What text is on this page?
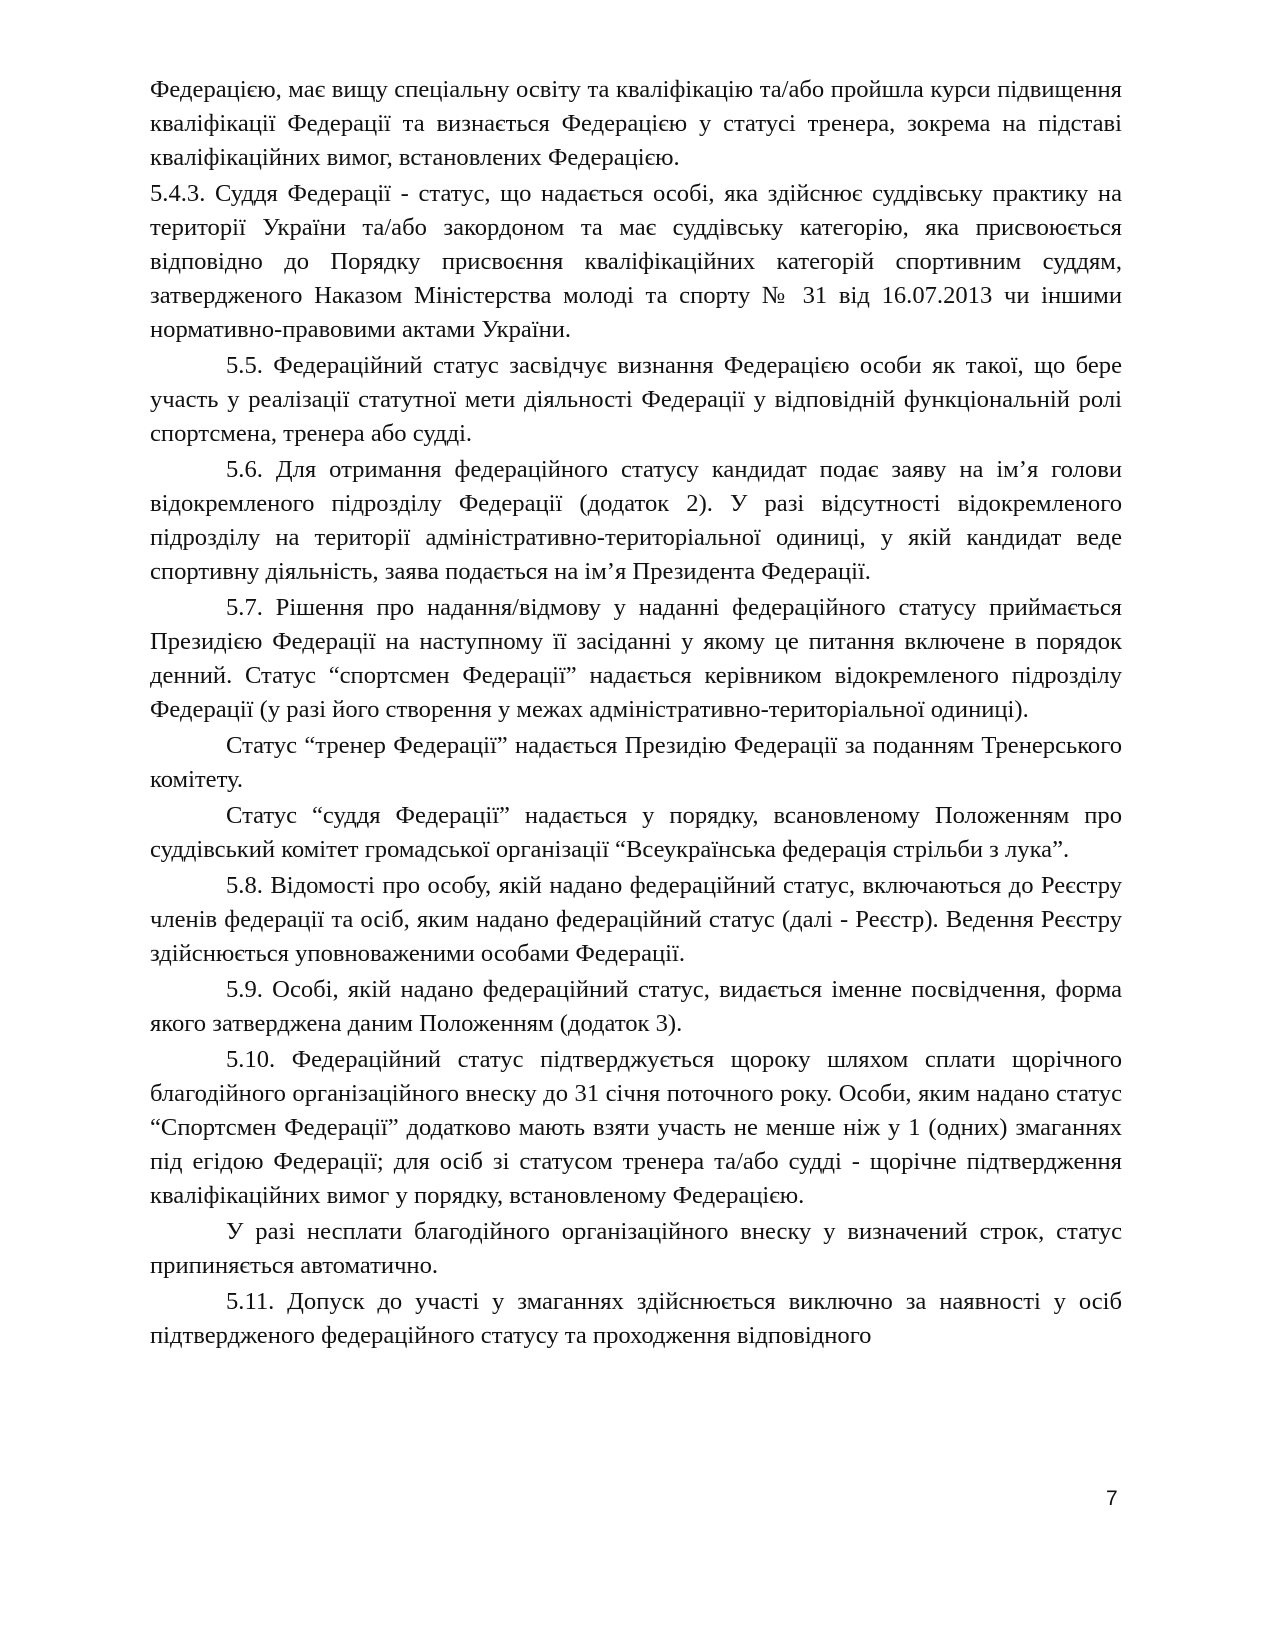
Федерацією, має вищу спеціальну освіту та кваліфікацію та/або пройшла курси підвищення кваліфікації Федерації та визнається Федерацією у статусі тренера, зокрема на підставі кваліфікаційних вимог, встановлених Федерацією.

5.4.3. Суддя Федерації - статус, що надається особі, яка здійснює суддівську практику на території України та/або закордоном та має суддівську категорію, яка присвоюється відповідно до Порядку присвоєння кваліфікаційних категорій спортивним суддям, затвердженого Наказом Міністерства молоді та спорту № 31 від 16.07.2013 чи іншими нормативно-правовими актами України.

5.5. Федераційний статус засвідчує визнання Федерацією особи як такої, що бере участь у реалізації статутної мети діяльності Федерації у відповідній функціональній ролі спортсмена, тренера або судді.

5.6. Для отримання федераційного статусу кандидат подає заяву на ім’я голови відокремленого підрозділу Федерації (додаток 2). У разі відсутності відокремленого підрозділу на території адміністративно-територіальної одиниці, у якій кандидат веде спортивну діяльність, заява подається на ім’я Президента Федерації.

5.7. Рішення про надання/відмову у наданні федераційного статусу приймається Президією Федерації на наступному її засіданні у якому це питання включене в порядок денний. Статус “спортсмен Федерації” надається керівником відокремленого підрозділу Федерації (у разі його створення у межах адміністративно-територіальної одиниці).

Статус “тренер Федерації” надається Президію Федерації за поданням Тренерського комітету.

Статус “суддя Федерації” надається у порядку, всановленому Положенням про суддівський комітет громадської організації “Всеукраїнська федерація стрільби з лука”.

5.8. Відомості про особу, якій надано федераційний статус, включаються до Реєстру членів федерації та осіб, яким надано федераційний статус (далі - Реєстр). Ведення Реєстру здійснюється уповноваженими особами Федерації.

5.9. Особі, якій надано федераційний статус, видається іменне посвідчення, форма якого затверджена даним Положенням (додаток 3).

5.10. Федераційний статус підтверджується щороку шляхом сплати щорічного благодійного організаційного внеску до 31 січня поточного року. Особи, яким надано статус “Спортсмен Федерації” додатково мають взяти участь не менше ніж у 1 (одних) змаганнях під егідою Федерації; для осіб зі статусом тренера та/або судді - щорічне підтвердження кваліфікаційних вимог у порядку, встановленому Федерацією.

У разі несплати благодійного організаційного внеску у визначений строк, статус припиняється автоматично.

5.11. Допуск до участі у змаганнях здійснюється виключно за наявності у осіб підтвердженого федераційного статусу та проходження відповідного

7
